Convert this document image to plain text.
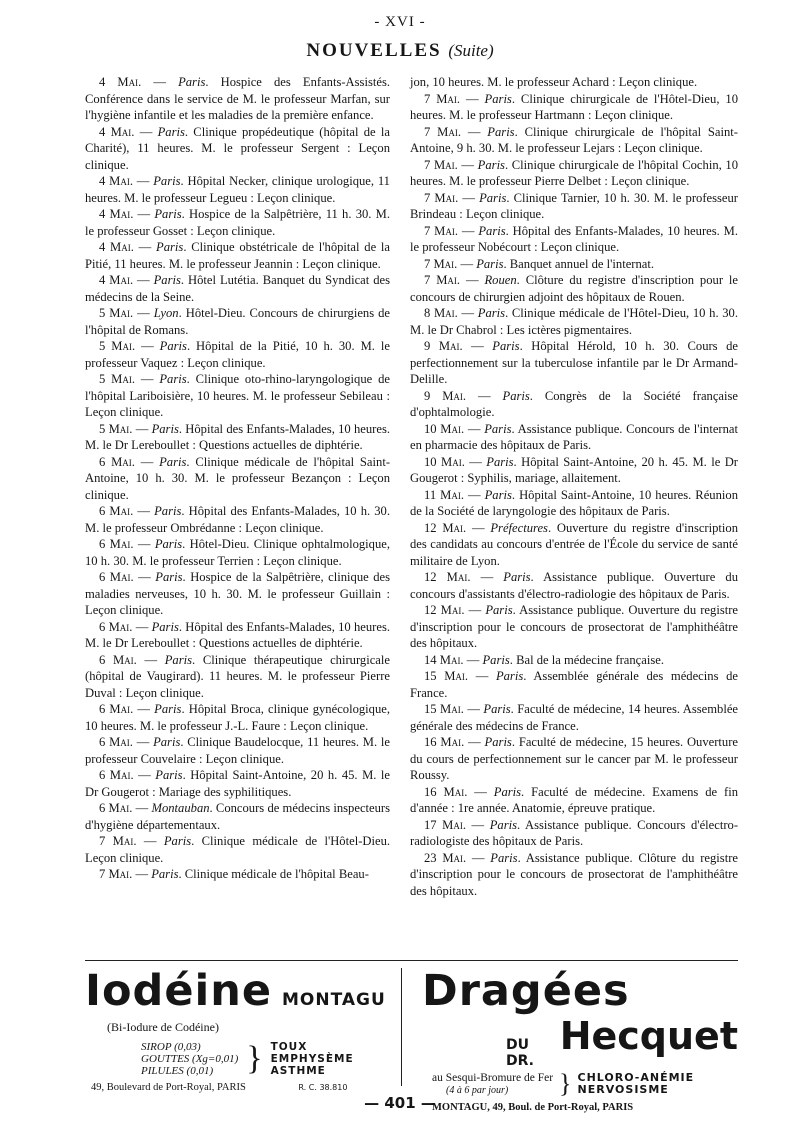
- XVI -
NOUVELLES (Suite)

4 Mai. — Paris. Hospice des Enfants-Assistés. Conférence dans le service de M. le professeur Marfan, sur l'hygiène infantile et les maladies de la première enfance.

4 Mai. — Paris. Clinique propédeutique (hôpital de la Charité), 11 heures. M. le professeur Sergent : Leçon clinique.

4 Mai. — Paris. Hôpital Necker, clinique urologique, 11 heures. M. le professeur Legueu : Leçon clinique.

4 Mai. — Paris. Hospice de la Salpêtrière, 11 h. 30. M. le professeur Gosset : Leçon clinique.

4 Mai. — Paris. Clinique obstétricale de l'hôpital de la Pitié, 11 heures. M. le professeur Jeannin : Leçon clinique.

4 Mai. — Paris. Hôtel Lutétia. Banquet du Syndicat des médecins de la Seine.

5 Mai. — Lyon. Hôtel-Dieu. Concours de chirurgiens de l'hôpital de Romans.

5 Mai. — Paris. Hôpital de la Pitié, 10 h. 30. M. le professeur Vaquez : Leçon clinique.

5 Mai. — Paris. Clinique oto-rhino-laryngologique de l'hôpital Lariboisière, 10 heures. M. le professeur Sebileau : Leçon clinique.

5 Mai. — Paris. Hôpital des Enfants-Malades, 10 heures. M. le Dr Lereboullet : Questions actuelles de diphtérie.

6 Mai. — Paris. Clinique médicale de l'hôpital Saint-Antoine, 10 h. 30. M. le professeur Bezançon : Leçon clinique.

6 Mai. — Paris. Hôpital des Enfants-Malades, 10 h. 30. M. le professeur Ombrédanne : Leçon clinique.

6 Mai. — Paris. Hôtel-Dieu. Clinique ophtalmologique, 10 h. 30. M. le professeur Terrien : Leçon clinique.

6 Mai. — Paris. Hospice de la Salpêtrière, clinique des maladies nerveuses, 10 h. 30. M. le professeur Guillain : Leçon clinique.

6 Mai. — Paris. Hôpital des Enfants-Malades, 10 heures. M. le Dr Lereboullet : Questions actuelles de diphtérie.

6 Mai. — Paris. Clinique thérapeutique chirurgicale (hôpital de Vaugirard). 11 heures. M. le professeur Pierre Duval : Leçon clinique.

6 Mai. — Paris. Hôpital Broca, clinique gynécologique, 10 heures. M. le professeur J.-L. Faure : Leçon clinique.

6 Mai. — Paris. Clinique Baudelocque, 11 heures. M. le professeur Couvelaire : Leçon clinique.

6 Mai. — Paris. Hôpital Saint-Antoine, 20 h. 45. M. le Dr Gougerot : Mariage des syphilitiques.

6 Mai. — Montauban. Concours de médecins inspecteurs d'hygiène départementaux.

7 Mai. — Paris. Clinique médicale de l'Hôtel-Dieu. Leçon clinique.

7 Mai. — Paris. Clinique médicale de l'hôpital Beau-

jon, 10 heures. M. le professeur Achard : Leçon clinique.

7 Mai. — Paris. Clinique chirurgicale de l'Hôtel-Dieu, 10 heures. M. le professeur Hartmann : Leçon clinique.

7 Mai. — Paris. Clinique chirurgicale de l'hôpital Saint-Antoine, 9 h. 30. M. le professeur Lejars : Leçon clinique.

7 Mai. — Paris. Clinique chirurgicale de l'hôpital Cochin, 10 heures. M. le professeur Pierre Delbet : Leçon clinique.

7 Mai. — Paris. Clinique Tarnier, 10 h. 30. M. le professeur Brindeau : Leçon clinique.

7 Mai. — Paris. Hôpital des Enfants-Malades, 10 heures. M. le professeur Nobécourt : Leçon clinique.

7 Mai. — Paris. Banquet annuel de l'internat.

7 Mai. — Rouen. Clôture du registre d'inscription pour le concours de chirurgien adjoint des hôpitaux de Rouen.

8 Mai. — Paris. Clinique médicale de l'Hôtel-Dieu, 10 h. 30. M. le Dr Chabrol : Les ictères pigmentaires.

9 Mai. — Paris. Hôpital Hérold, 10 h. 30. Cours de perfectionnement sur la tuberculose infantile par le Dr Armand-Delille.

9 Mai. — Paris. Congrès de la Société française d'ophtalmologie.

10 Mai. — Paris. Assistance publique. Concours de l'internat en pharmacie des hôpitaux de Paris.

10 Mai. — Paris. Hôpital Saint-Antoine, 20 h. 45. M. le Dr Gougerot : Syphilis, mariage, allaitement.

11 Mai. — Paris. Hôpital Saint-Antoine, 10 heures. Réunion de la Société de laryngologie des hôpitaux de Paris.

12 Mai. — Préfectures. Ouverture du registre d'inscription des candidats au concours d'entrée de l'École du service de santé militaire de Lyon.

12 Mai. — Paris. Assistance publique. Ouverture du concours d'assistants d'électro-radiologie des hôpitaux de Paris.

12 Mai. — Paris. Assistance publique. Ouverture du registre d'inscription pour le concours de prosectorat de l'amphithéâtre des hôpitaux.

14 Mai. — Paris. Bal de la médecine française.

15 Mai. — Paris. Assemblée générale des médecins de France.

15 Mai. — Paris. Faculté de médecine, 14 heures. Assemblée générale des médecins de France.

16 Mai. — Paris. Faculté de médecine, 15 heures. Ouverture du cours de perfectionnement sur le cancer par M. le professeur Roussy.

16 Mai. — Paris. Faculté de médecine. Examens de fin d'année : 1re année. Anatomie, épreuve pratique.

17 Mai. — Paris. Assistance publique. Concours d'électro-radiologiste des hôpitaux de Paris.

23 Mai. — Paris. Assistance publique. Clôture du registre d'inscription pour le concours de prosectorat de l'amphithéâtre des hôpitaux.

Iodéine MONTAGU
(Bi-Iodure de Codéine)
SIROP (0,03)
GOUTTES (Xg=0,01)
PILULES (0,01) } TOUX
EMPHYSÈME
ASTHME
49, Boulevard de Port-Royal, PARIS	R. C. 38.810
Dragées
DU DR.
Hecquet
au Sesqui-Bromure de Fer
(4 à 6 par jour)	} CHLORO-ANÉMIE
NERVOSISME
MONTAGU, 49, Boul. de Port-Royal, PARIS
— 401 —
